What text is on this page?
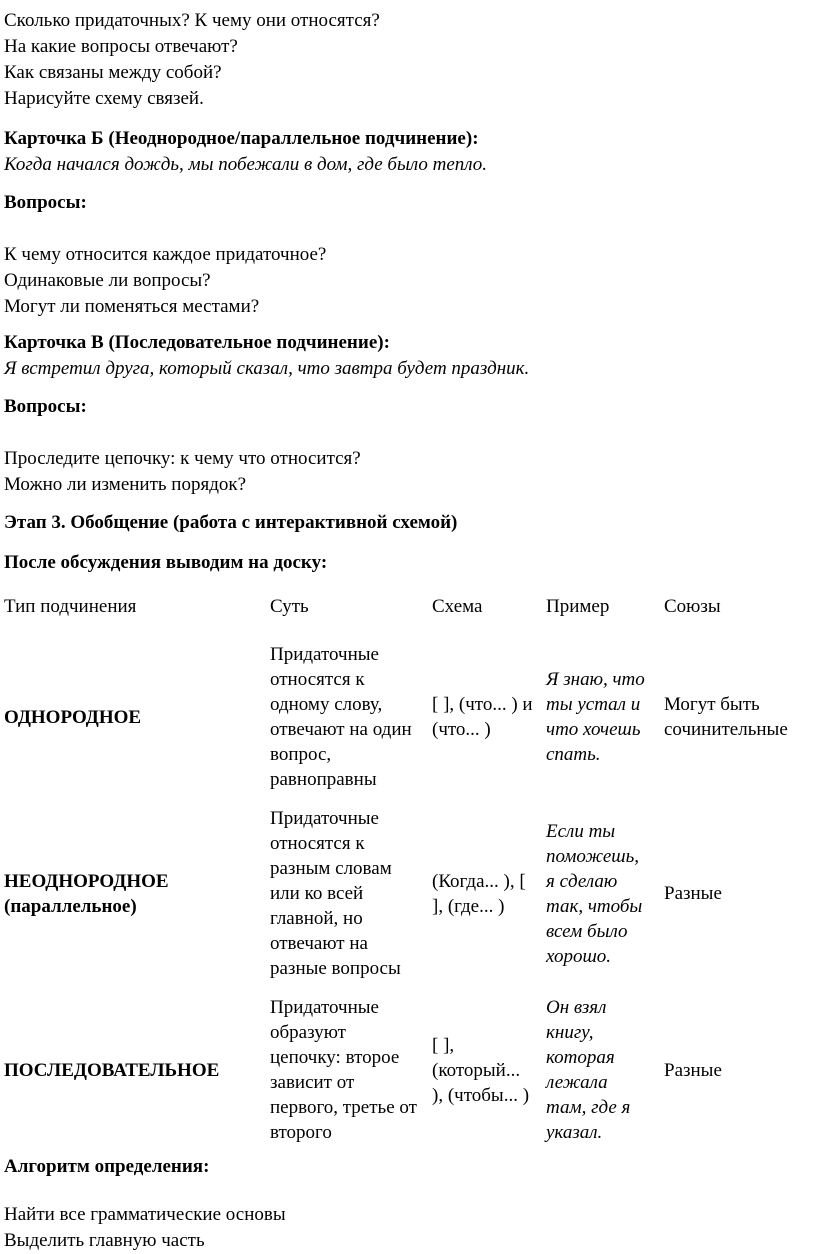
Сколько придаточных? К чему они относятся?
На какие вопросы отвечают?
Как связаны между собой?
Нарисуйте схему связей.
Карточка Б (Неоднородное/параллельное подчинение):
Когда начался дождь, мы побежали в дом, где было тепло.
Вопросы:
К чему относится каждое придаточное?
Одинаковые ли вопросы?
Могут ли поменяться местами?
Карточка В (Последовательное подчинение):
Я встретил друга, который сказал, что завтра будет праздник.
Вопросы:
Проследите цепочку: к чему что относится?
Можно ли изменить порядок?
Этап 3. Обобщение (работа с интерактивной схемой)
После обсуждения выводим на доску:
Тип подчинения	Суть	Схема	Пример	Союзы
ОДНОРОДНОЕ	Придаточные относятся к одному слову, отвечают на один вопрос, равноправны	[ ], (что... ) и (что... )	Я знаю, что ты устал и что хочешь спать.	Могут быть сочинительные
НЕОДНОРОДНОЕ (параллельное)	Придаточные относятся к разным словам или ко всей главной, но отвечают на разные вопросы	(Когда... ), [ ], (где... )	Если ты поможешь, я сделаю так, чтобы всем было хорошо.	Разные
ПОСЛЕДОВАТЕЛЬНОЕ	Придаточные образуют цепочку: второе зависит от первого, третье от второго	[ ], (который... ), (чтобы... )	Он взял книгу, которая лежала там, где я указал.	Разные
Алгоритм определения:
Найти все грамматические основы
Выделить главную часть
